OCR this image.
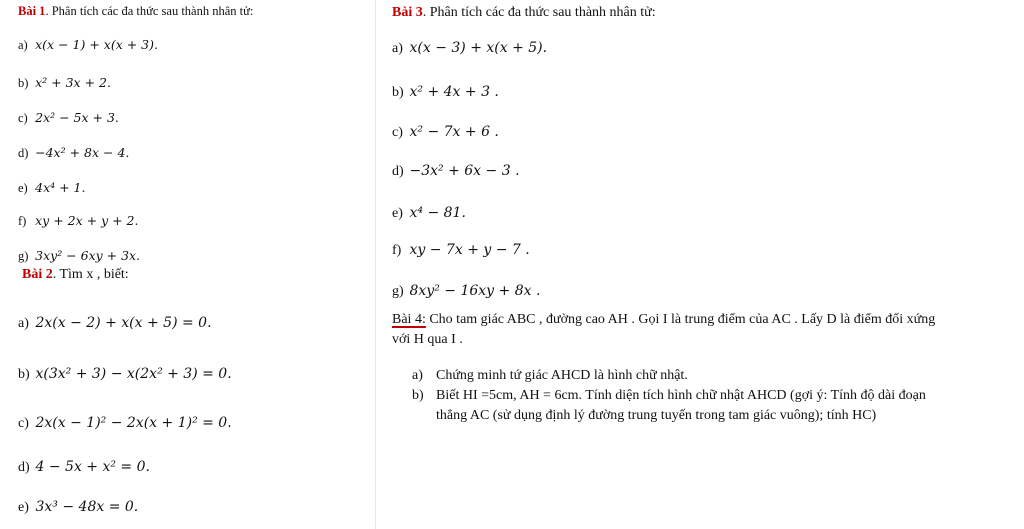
Bài 1. Phân tích các đa thức sau thành nhân tử:
a) x(x − 1) + x(x + 3).
b) x² + 3x + 2.
c) 2x² − 5x + 3.
d) −4x² + 8x − 4.
e) 4x⁴ + 1.
f) xy + 2x + y + 2.
g) 3xy² − 6xy + 3x.
Bài 2. Tìm x , biết:
a) 2x(x − 2) + x(x + 5) = 0.
b) x(3x² + 3) − x(2x² + 3) = 0.
c) 2x(x − 1)² − 2x(x + 1)² = 0.
d) 4 − 5x + x² = 0.
e) 3x³ − 48x = 0.
Bài 3. Phân tích các đa thức sau thành nhân tử:
a) x(x − 3) + x(x + 5).
b) x² + 4x + 3 .
c) x² − 7x + 6 .
d) −3x² + 6x − 3 .
e) x⁴ − 81.
f) xy − 7x + y − 7 .
g) 8xy² − 16xy + 8x .
Bài 4: Cho tam giác ABC , đường cao AH . Gọi I là trung điểm của AC . Lấy D là điểm đối xứng
với H qua I .
a) Chứng minh tứ giác AHCD là hình chữ nhật.
b) Biết HI =5cm, AH = 6cm. Tính diện tích hình chữ nhật AHCD (gợi ý: Tính độ dài đoạn
thẳng AC (sử dụng định lý đường trung tuyến trong tam giác vuông); tính HC)
